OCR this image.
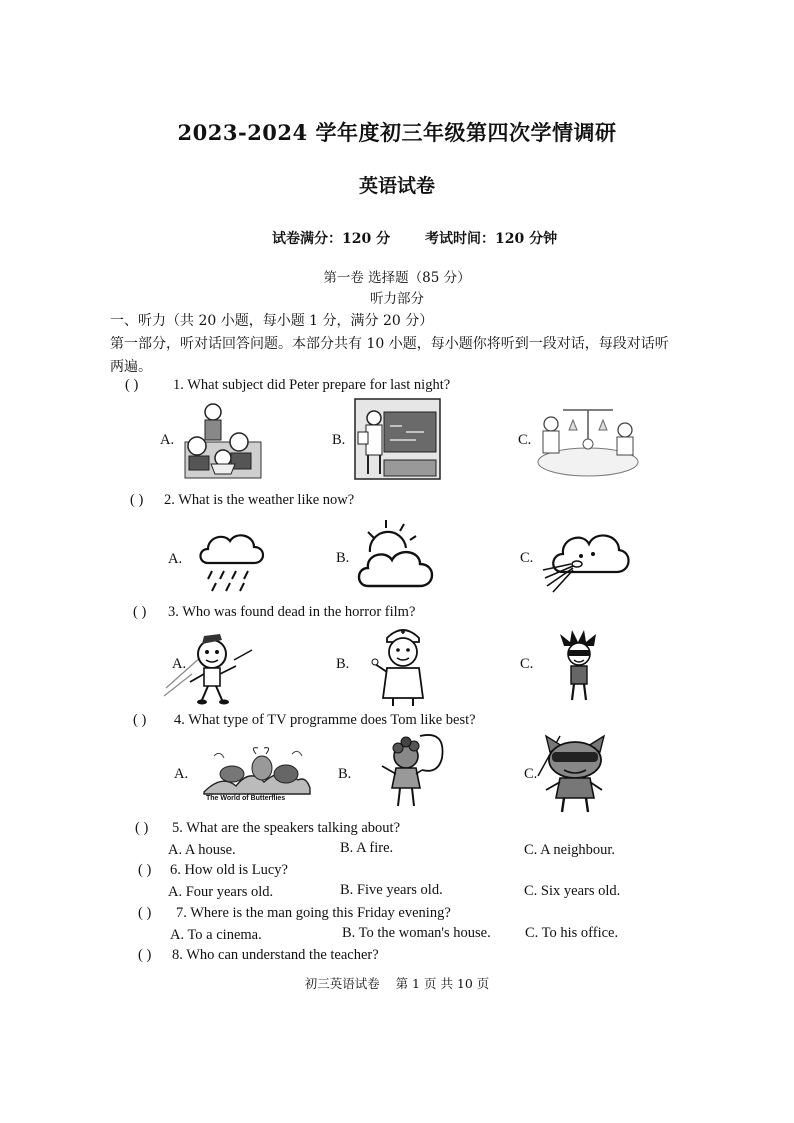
2023-2024 学年度初三年级第四次学情调研
英语试卷
试卷满分：120 分 考试时间：120 分钟
第一卷 选择题（85 分）
听力部分
一、听力（共 20 小题，每小题 1 分，满分 20 分）
第一部分，听对话回答问题。本部分共有 10 小题，每小题你将听到一段对话，每段对话听
两遍。
( ) 1. What subject did Peter prepare for last night?
A.	B.	C.
( ) 2. What is the weather like now?
A.	B.	C.
( ) 3. Who was found dead in the horror film?
A.	B.	C.
( ) 4. What type of TV programme does Tom like best?
A.	B.	C.
The World of Butterflies
( ) 5. What are the speakers talking about?
A. A house.	B. A fire.	C. A neighbour.
( ) 6. How old is Lucy?
A. Four years old.	B. Five years old.	C. Six years old.
( ) 7. Where is the man going this Friday evening?
A. To a cinema.	B. To the woman's house. C. To his office.
( ) 8. Who can understand the teacher?
初三英语试卷    第 1 页 共 10 页
